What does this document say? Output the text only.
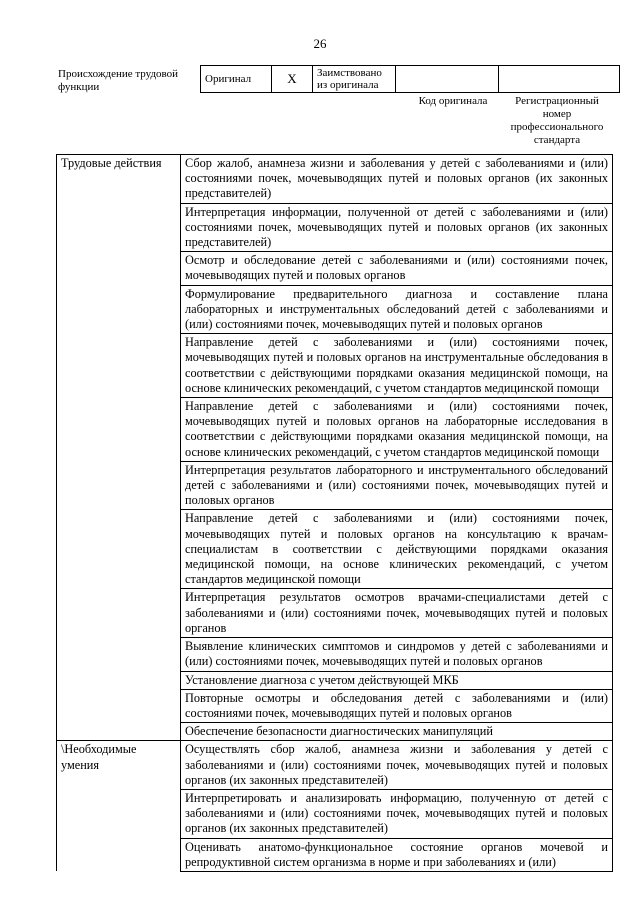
26
Происхождение трудовой функции
Оригинал	X	Заимствовано из оригинала		
Код оригинала	Регистрационный номер профессионального стандарта
Трудовые действия	Сбор жалоб, анамнеза жизни и заболевания у детей с заболеваниями и (или) состояниями почек, мочевыводящих путей и половых органов (их законных представителей)
	Интерпретация информации, полученной от детей с заболеваниями и (или) состояниями почек, мочевыводящих путей и половых органов (их законных представителей)
	Осмотр и обследование детей с заболеваниями и (или) состояниями почек, мочевыводящих путей и половых органов
	Формулирование предварительного диагноза и составление плана лабораторных и инструментальных обследований детей с заболеваниями и (или) состояниями почек, мочевыводящих путей и половых органов
	Направление детей с заболеваниями и (или) состояниями почек, мочевыводящих путей и половых органов на инструментальные обследования в соответствии с действующими порядками оказания медицинской помощи, на основе клинических рекомендаций, с учетом стандартов медицинской помощи
	Направление детей с заболеваниями и (или) состояниями почек, мочевыводящих путей и половых органов на лабораторные исследования в соответствии с действующими порядками оказания медицинской помощи, на основе клинических рекомендаций, с учетом стандартов медицинской помощи
	Интерпретация результатов лабораторного и инструментального обследований детей с заболеваниями и (или) состояниями почек, мочевыводящих путей и половых органов
	Направление детей с заболеваниями и (или) состояниями почек, мочевыводящих путей и половых органов на консультацию к врачам-специалистам в соответствии с действующими порядками оказания медицинской помощи, на основе клинических рекомендаций, с учетом стандартов медицинской помощи
	Интерпретация результатов осмотров врачами-специалистами детей с заболеваниями и (или) состояниями почек, мочевыводящих путей и половых органов
	Выявление клинических симптомов и синдромов у детей с заболеваниями и (или) состояниями почек, мочевыводящих путей и половых органов
	Установление диагноза с учетом действующей МКБ
	Повторные осмотры и обследования детей с заболеваниями и (или) состояниями почек, мочевыводящих путей и половых органов
	Обеспечение безопасности диагностических манипуляций
\Необходимые умения	Осуществлять сбор жалоб, анамнеза жизни и заболевания у детей с заболеваниями и (или) состояниями почек, мочевыводящих путей и половых органов (их законных представителей)
	Интерпретировать и анализировать информацию, полученную от детей с заболеваниями и (или) состояниями почек, мочевыводящих путей и половых органов (их законных представителей)
	Оценивать анатомо-функциональное состояние органов мочевой и репродуктивной систем организма в норме и при заболеваниях и (или)
